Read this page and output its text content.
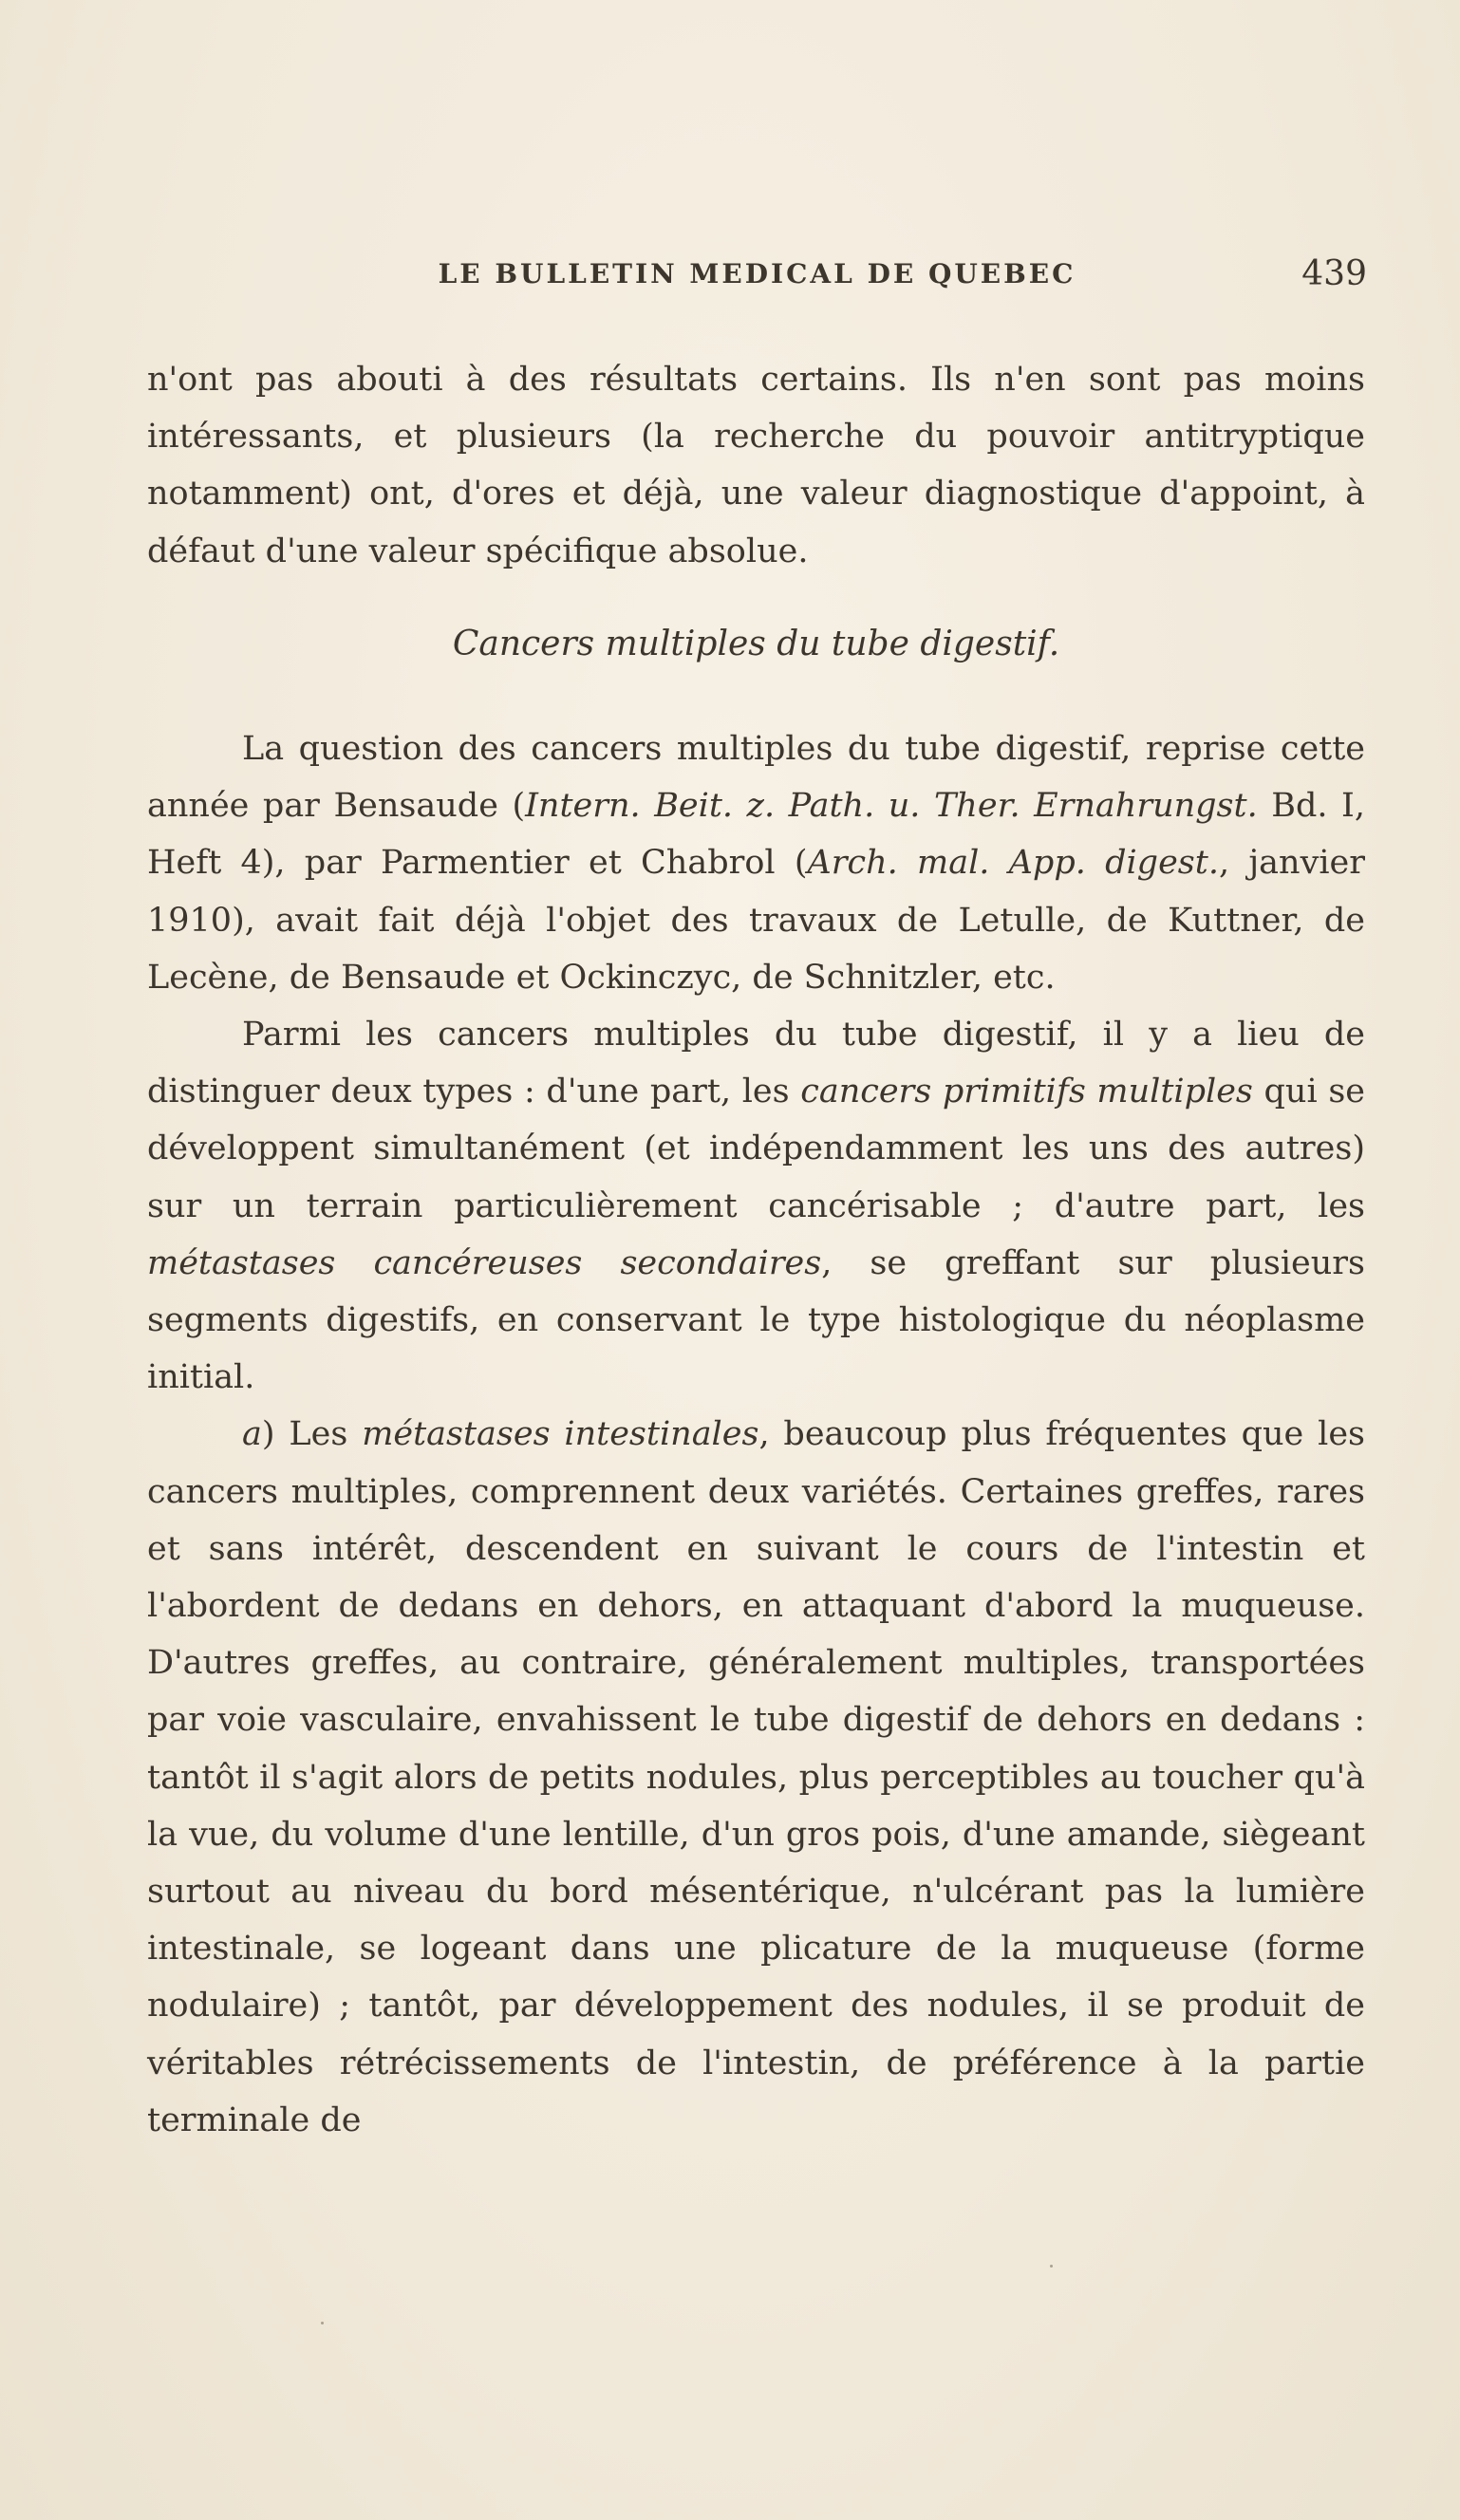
LE BULLETIN MEDICAL DE QUEBEC	439

n'ont pas abouti à des résultats certains. Ils n'en sont pas moins intéressants, et plusieurs (la recherche du pouvoir antitryptique notamment) ont, d'ores et déjà, une valeur diagnostique d'appoint, à défaut d'une valeur spécifique absolue.

Cancers multiples du tube digestif.

La question des cancers multiples du tube digestif, reprise cette année par Bensaude (Intern. Beit. z. Path. u. Ther. Ernahrungst. Bd. I, Heft 4), par Parmentier et Chabrol (Arch. mal. App. digest., janvier 1910), avait fait déjà l'objet des travaux de Letulle, de Kuttner, de Lecène, de Bensaude et Ockinczyc, de Schnitzler, etc.

Parmi les cancers multiples du tube digestif, il y a lieu de distinguer deux types : d'une part, les cancers primitifs multiples qui se développent simultanément (et indépendamment les uns des autres) sur un terrain particulièrement cancérisable ; d'autre part, les métastases cancéreuses secondaires, se greffant sur plusieurs segments digestifs, en conservant le type histologique du néoplasme initial.

a) Les métastases intestinales, beaucoup plus fréquentes que les cancers multiples, comprennent deux variétés. Certaines greffes, rares et sans intérêt, descendent en suivant le cours de l'intestin et l'abordent de dedans en dehors, en attaquant d'abord la muqueuse. D'autres greffes, au contraire, généralement multiples, transportées par voie vasculaire, envahissent le tube digestif de dehors en dedans : tantôt il s'agit alors de petits nodules, plus perceptibles au toucher qu'à la vue, du volume d'une lentille, d'un gros pois, d'une amande, siègeant surtout au niveau du bord mésentérique, n'ulcérant pas la lumière intestinale, se logeant dans une plicature de la muqueuse (forme nodulaire) ; tantôt, par développement des nodules, il se produit de véritables rétrécissements de l'intestin, de préférence à la partie terminale de
